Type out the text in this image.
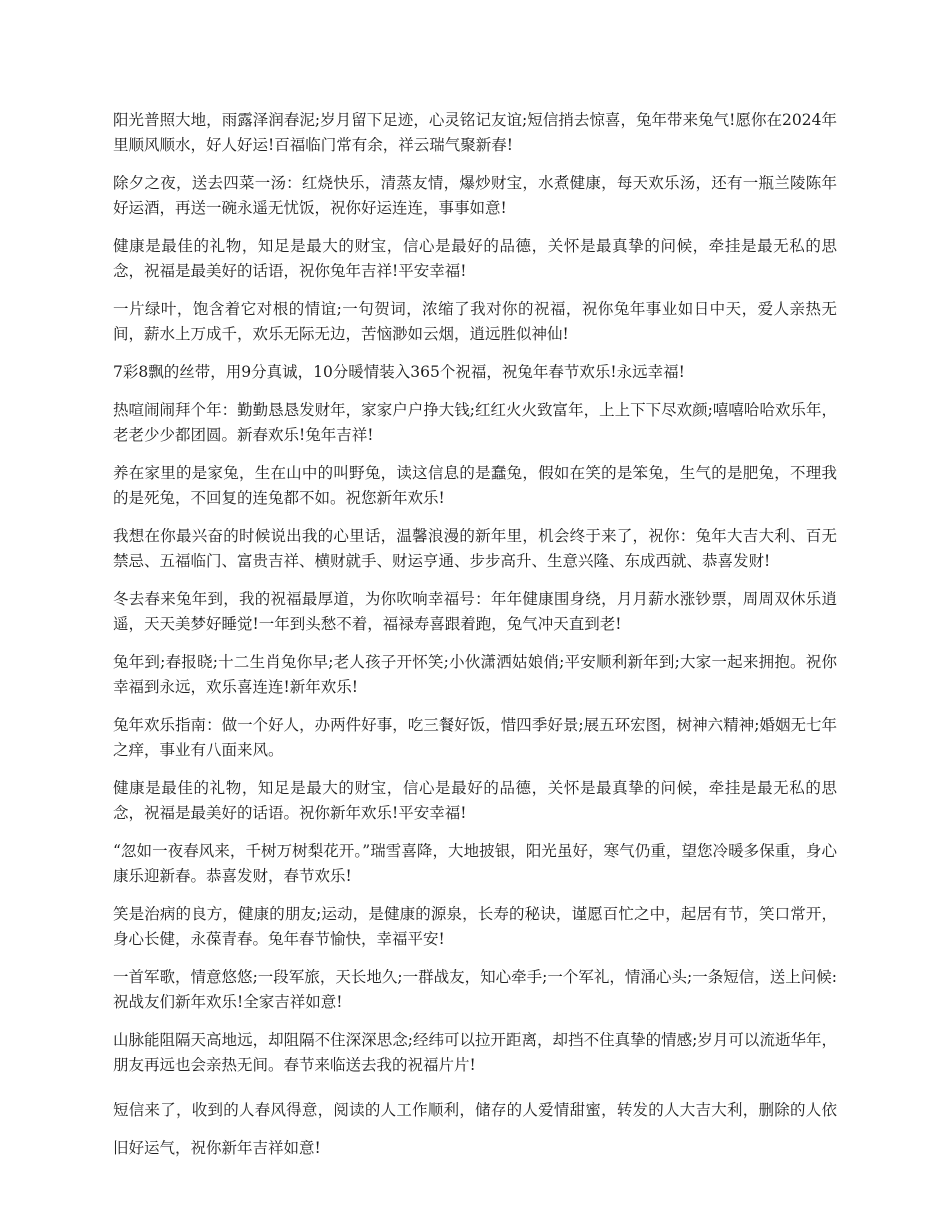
阳光普照大地，雨露泽润春泥;岁月留下足迹，心灵铭记友谊;短信捎去惊喜，兔年带来兔气!愿你在2024年里顺风顺水，好人好运!百福临门常有余，祥云瑞气聚新春!

除夕之夜，送去四菜一汤：红烧快乐，清蒸友情，爆炒财宝，水煮健康，每天欢乐汤，还有一瓶兰陵陈年好运酒，再送一碗永遥无忧饭，祝你好运连连，事事如意!

健康是最佳的礼物，知足是最大的财宝，信心是最好的品德，关怀是最真挚的问候，牵挂是最无私的思念，祝福是最美好的话语，祝你兔年吉祥!平安幸福!

一片绿叶，饱含着它对根的情谊;一句贺词，浓缩了我对你的祝福，祝你兔年事业如日中天，爱人亲热无间，薪水上万成千，欢乐无际无边，苦恼渺如云烟，逍远胜似神仙!

7彩8飘的丝带，用9分真诚，10分暖情装入365个祝福，祝兔年春节欢乐!永远幸福!

热喧闹闹拜个年：勤勤恳恳发财年，家家户户挣大钱;红红火火致富年，上上下下尽欢颜;嘻嘻哈哈欢乐年，老老少少都团圆。新春欢乐!兔年吉祥!

养在家里的是家兔，生在山中的叫野兔，读这信息的是蠢兔，假如在笑的是笨兔，生气的是肥兔，不理我的是死兔，不回复的连兔都不如。祝您新年欢乐!

我想在你最兴奋的时候说出我的心里话，温馨浪漫的新年里，机会终于来了，祝你：兔年大吉大利、百无禁忌、五福临门、富贵吉祥、横财就手、财运亨通、步步高升、生意兴隆、东成西就、恭喜发财!

冬去春来兔年到，我的祝福最厚道，为你吹响幸福号：年年健康围身绕，月月薪水涨钞票，周周双休乐逍遥，天天美梦好睡觉!一年到头愁不着，福禄寿喜跟着跑，兔气冲天直到老!

兔年到;春报晓;十二生肖兔你早;老人孩子开怀笑;小伙潇洒姑娘俏;平安顺利新年到;大家一起来拥抱。祝你幸福到永远，欢乐喜连连!新年欢乐!

兔年欢乐指南：做一个好人，办两件好事，吃三餐好饭，惜四季好景;展五环宏图，树神六精神;婚姻无七年之痒，事业有八面来风。

健康是最佳的礼物，知足是最大的财宝，信心是最好的品德，关怀是最真挚的问候，牵挂是最无私的思念，祝福是最美好的话语。祝你新年欢乐!平安幸福!

“忽如一夜春风来，千树万树梨花开。”瑞雪喜降，大地披银，阳光虽好，寒气仍重，望您冷暖多保重，身心康乐迎新春。恭喜发财，春节欢乐!

笑是治病的良方，健康的朋友;运动，是健康的源泉，长寿的秘诀，谨愿百忙之中，起居有节，笑口常开，身心长健，永葆青春。兔年春节愉快，幸福平安!

一首军歌，情意悠悠;一段军旅，天长地久;一群战友，知心牵手;一个军礼，情涌心头;一条短信，送上问候:祝战友们新年欢乐!全家吉祥如意!

山脉能阻隔天高地远，却阻隔不住深深思念;经纬可以拉开距离，却挡不住真挚的情感;岁月可以流逝华年，朋友再远也会亲热无间。春节来临送去我的祝福片片!

短信来了，收到的人春风得意，阅读的人工作顺利，储存的人爱情甜蜜，转发的人大吉大利，删除的人依旧好运气，祝你新年吉祥如意!
